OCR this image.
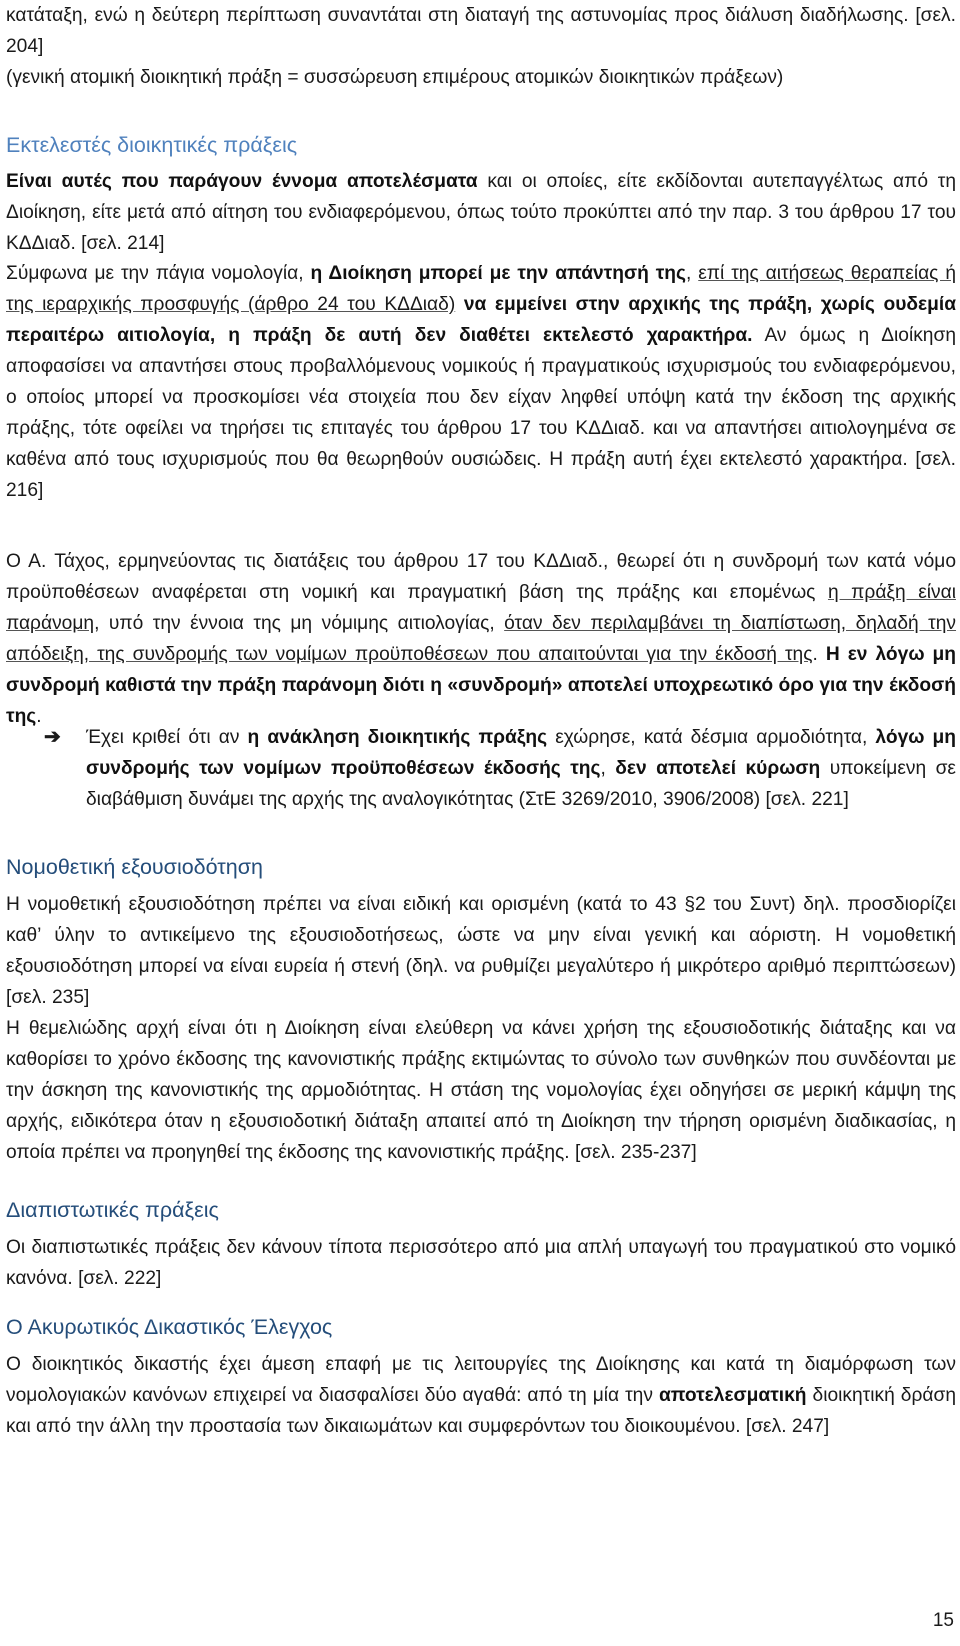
κατάταξη, ενώ η δεύτερη περίπτωση συναντάται στη διαταγή της αστυνομίας προς διάλυση διαδήλωσης. [σελ. 204]

(γενική ατομική διοικητική πράξη = συσσώρευση επιμέρους ατομικών διοικητικών πράξεων)

Εκτελεστές διοικητικές πράξεις

Είναι αυτές που παράγουν έννομα αποτελέσματα και οι οποίες, είτε εκδίδονται αυτεπαγγέλτως από τη Διοίκηση, είτε μετά από αίτηση του ενδιαφερόμενου, όπως τούτο προκύπτει από την παρ. 3 του άρθρου 17 του ΚΔΔιαδ. [σελ. 214]

Σύμφωνα με την πάγια νομολογία, η Διοίκηση μπορεί με την απάντησή της, επί της αιτήσεως θεραπείας ή της ιεραρχικής προσφυγής (άρθρο 24 του ΚΔΔιαδ) να εμμείνει στην αρχικής της πράξη, χωρίς ουδεμία περαιτέρω αιτιολογία, η πράξη δε αυτή δεν διαθέτει εκτελεστό χαρακτήρα. Αν όμως η Διοίκηση αποφασίσει να απαντήσει στους προβαλλόμενους νομικούς ή πραγματικούς ισχυρισμούς του ενδιαφερόμενου, ο οποίος μπορεί να προσκομίσει νέα στοιχεία που δεν είχαν ληφθεί υπόψη κατά την έκδοση της αρχικής πράξης, τότε οφείλει να τηρήσει τις επιταγές του άρθρου 17 του ΚΔΔιαδ. και να απαντήσει αιτιολογημένα σε καθένα από τους ισχυρισμούς που θα θεωρηθούν ουσιώδεις. Η πράξη αυτή έχει εκτελεστό χαρακτήρα. [σελ. 216]

Ο Α. Τάχος, ερμηνεύοντας τις διατάξεις του άρθρου 17 του ΚΔΔιαδ., θεωρεί ότι η συνδρομή των κατά νόμο προϋποθέσεων αναφέρεται στη νομική και πραγματική βάση της πράξης και επομένως η πράξη είναι παράνομη, υπό την έννοια της μη νόμιμης αιτιολογίας, όταν δεν περιλαμβάνει τη διαπίστωση, δηλαδή την απόδειξη, της συνδρομής των νομίμων προϋποθέσεων που απαιτούνται για την έκδοσή της. Η εν λόγω μη συνδρομή καθιστά την πράξη παράνομη διότι η «συνδρομή» αποτελεί υποχρεωτικό όρο για την έκδοσή της.

➔	Έχει κριθεί ότι αν η ανάκληση διοικητικής πράξης εχώρησε, κατά δέσμια αρμοδιότητα, λόγω μη συνδρομής των νομίμων προϋποθέσεων έκδοσής της, δεν αποτελεί κύρωση υποκείμενη σε διαβάθμιση δυνάμει της αρχής της αναλογικότητας (ΣτΕ 3269/2010, 3906/2008) [σελ. 221]

Νομοθετική εξουσιοδότηση

Η νομοθετική εξουσιοδότηση πρέπει να είναι ειδική και ορισμένη (κατά το 43 §2 του Συντ) δηλ. προσδιορίζει καθ’ ύλην το αντικείμενο της εξουσιοδοτήσεως, ώστε να μην είναι γενική και αόριστη. Η νομοθετική εξουσιοδότηση μπορεί να είναι ευρεία ή στενή (δηλ. να ρυθμίζει μεγαλύτερο ή μικρότερο αριθμό περιπτώσεων) [σελ. 235]

Η θεμελιώδης αρχή είναι ότι η Διοίκηση είναι ελεύθερη να κάνει χρήση της εξουσιοδοτικής διάταξης και να καθορίσει το χρόνο έκδοσης της κανονιστικής πράξης εκτιμώντας το σύνολο των συνθηκών που συνδέονται με την άσκηση της κανονιστικής της αρμοδιότητας. Η στάση της νομολογίας έχει οδηγήσει σε μερική κάμψη της αρχής, ειδικότερα όταν η εξουσιοδοτική διάταξη απαιτεί από τη Διοίκηση την τήρηση ορισμένη διαδικασίας, η οποία πρέπει να προηγηθεί της έκδοσης της κανονιστικής πράξης. [σελ. 235-237]

Διαπιστωτικές πράξεις

Οι διαπιστωτικές πράξεις δεν κάνουν τίποτα περισσότερο από μια απλή υπαγωγή του πραγματικού στο νομικό κανόνα. [σελ. 222]

Ο Ακυρωτικός Δικαστικός Έλεγχος

Ο διοικητικός δικαστής έχει άμεση επαφή με τις λειτουργίες της Διοίκησης και κατά τη διαμόρφωση των νομολογιακών κανόνων επιχειρεί να διασφαλίσει δύο αγαθά: από τη μία την αποτελεσματική διοικητική δράση και από την άλλη την προστασία των δικαιωμάτων και συμφερόντων του διοικουμένου. [σελ. 247]

15
